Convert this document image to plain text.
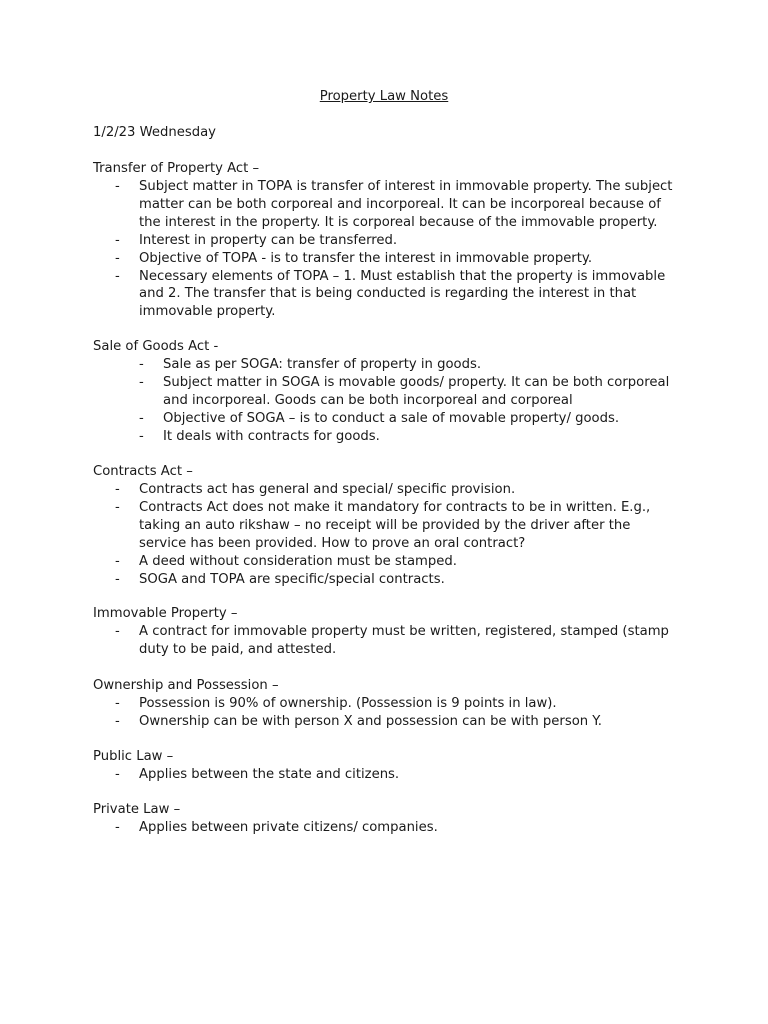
Property Law Notes
1/2/23 Wednesday
Transfer of Property Act –
- Subject matter in TOPA is transfer of interest in immovable property. The subject matter can be both corporeal and incorporeal. It can be incorporeal because of the interest in the property. It is corporeal because of the immovable property.
- Interest in property can be transferred.
- Objective of TOPA - is to transfer the interest in immovable property.
- Necessary elements of TOPA – 1. Must establish that the property is immovable and 2. The transfer that is being conducted is regarding the interest in that immovable property.
Sale of Goods Act -
- Sale as per SOGA: transfer of property in goods.
- Subject matter in SOGA is movable goods/ property. It can be both corporeal and incorporeal. Goods can be both incorporeal and corporeal
- Objective of SOGA – is to conduct a sale of movable property/ goods.
- It deals with contracts for goods.
Contracts Act –
- Contracts act has general and special/ specific provision.
- Contracts Act does not make it mandatory for contracts to be in written. E.g., taking an auto rikshaw – no receipt will be provided by the driver after the service has been provided. How to prove an oral contract?
- A deed without consideration must be stamped.
- SOGA and TOPA are specific/special contracts.
Immovable Property –
- A contract for immovable property must be written, registered, stamped (stamp duty to be paid, and attested.
Ownership and Possession –
- Possession is 90% of ownership. (Possession is 9 points in law).
- Ownership can be with person X and possession can be with person Y.
Public Law –
- Applies between the state and citizens.
Private Law –
- Applies between private citizens/ companies.
